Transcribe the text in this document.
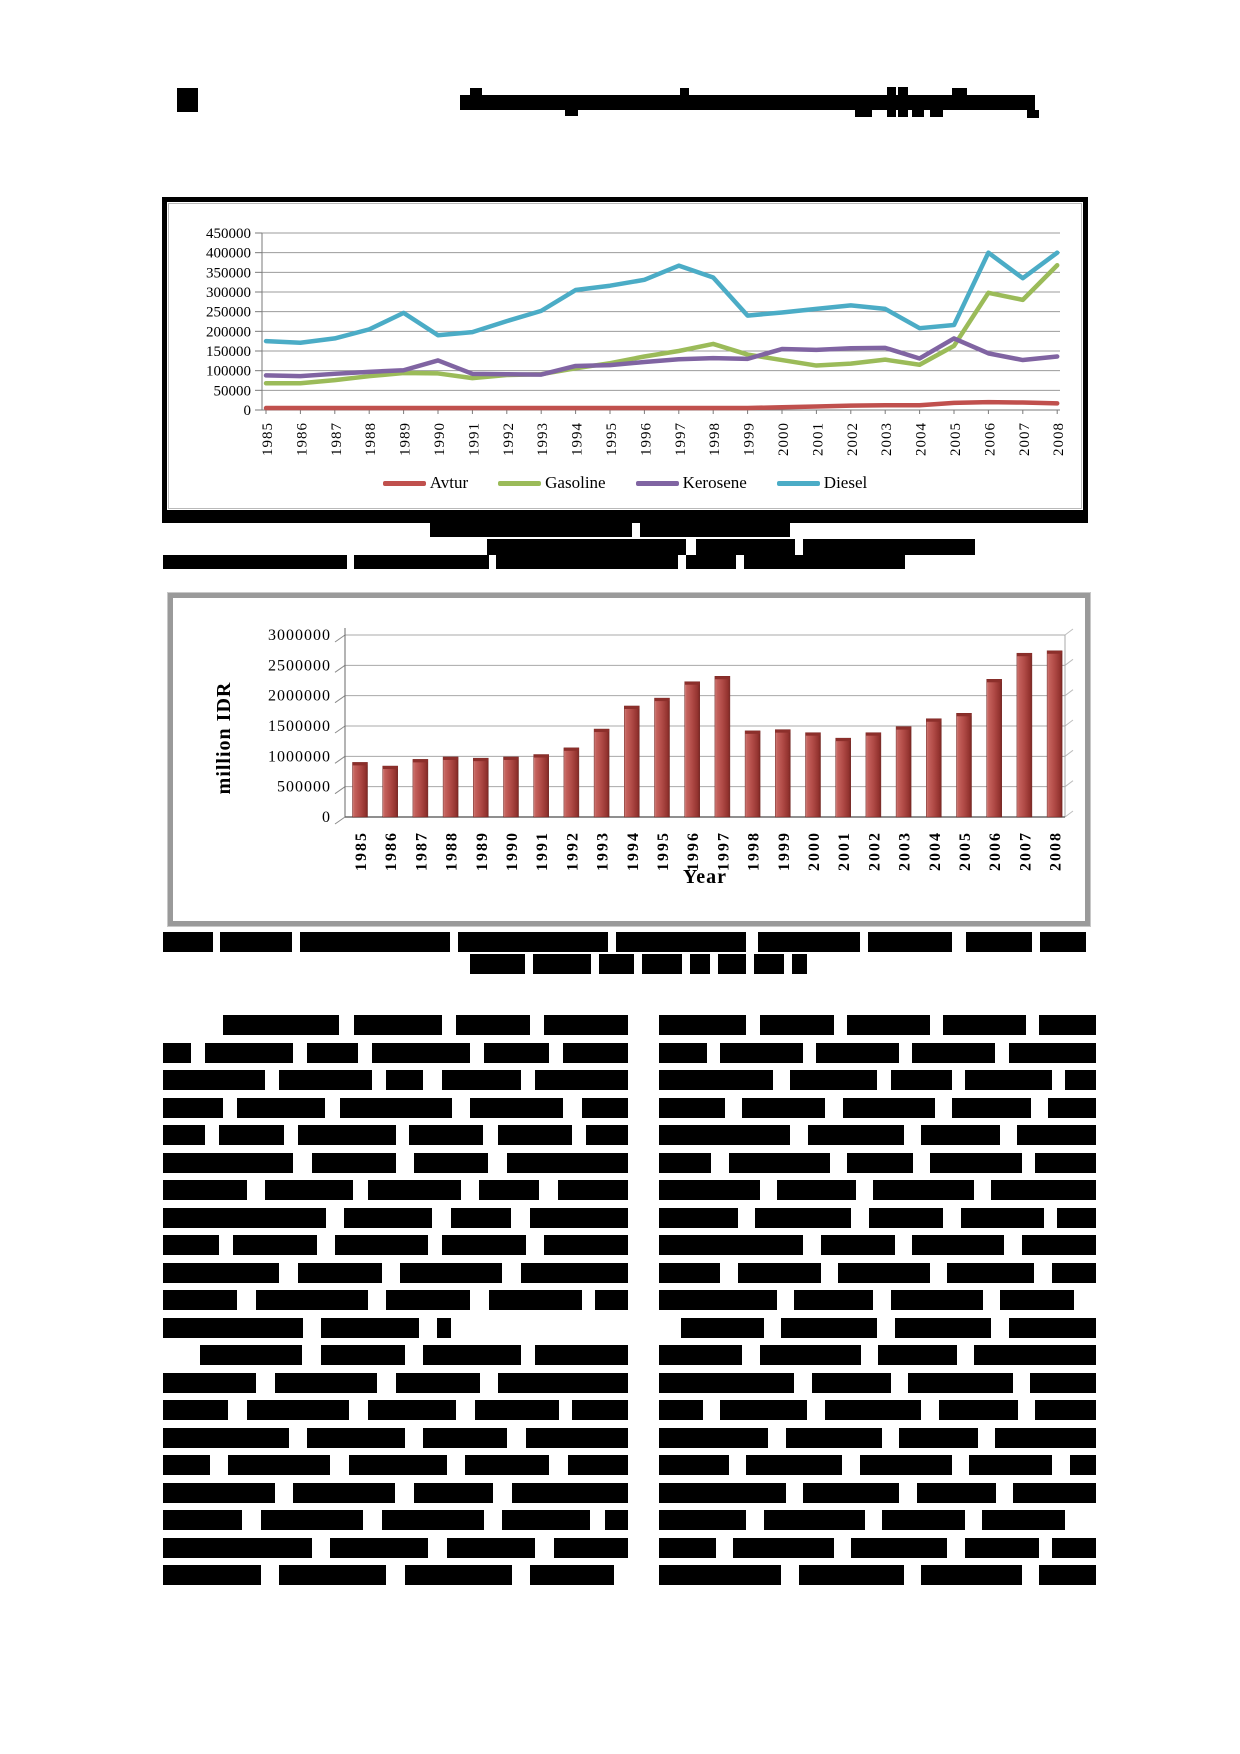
0
50000
100000
150000
200000
250000
300000
350000
400000
450000
1985 1986 1987 1988 1989 1990 1991 1992 1993 1994 1995 1996 1997 1998 1999 2000 2001 2002 2003 2004 2005 2006 2007 2008
Avtur	Gasoline	Kerosene	Diesel
0
500000
1000000
1500000
2000000
2500000
3000000
1985 1986 1987 1988 1989 1990 1991 1992 1993 1994 1995 1996 1997 1998 1999 2000 2001 2002 2003 2004 2005 2006 2007 2008
million IDR
Year
